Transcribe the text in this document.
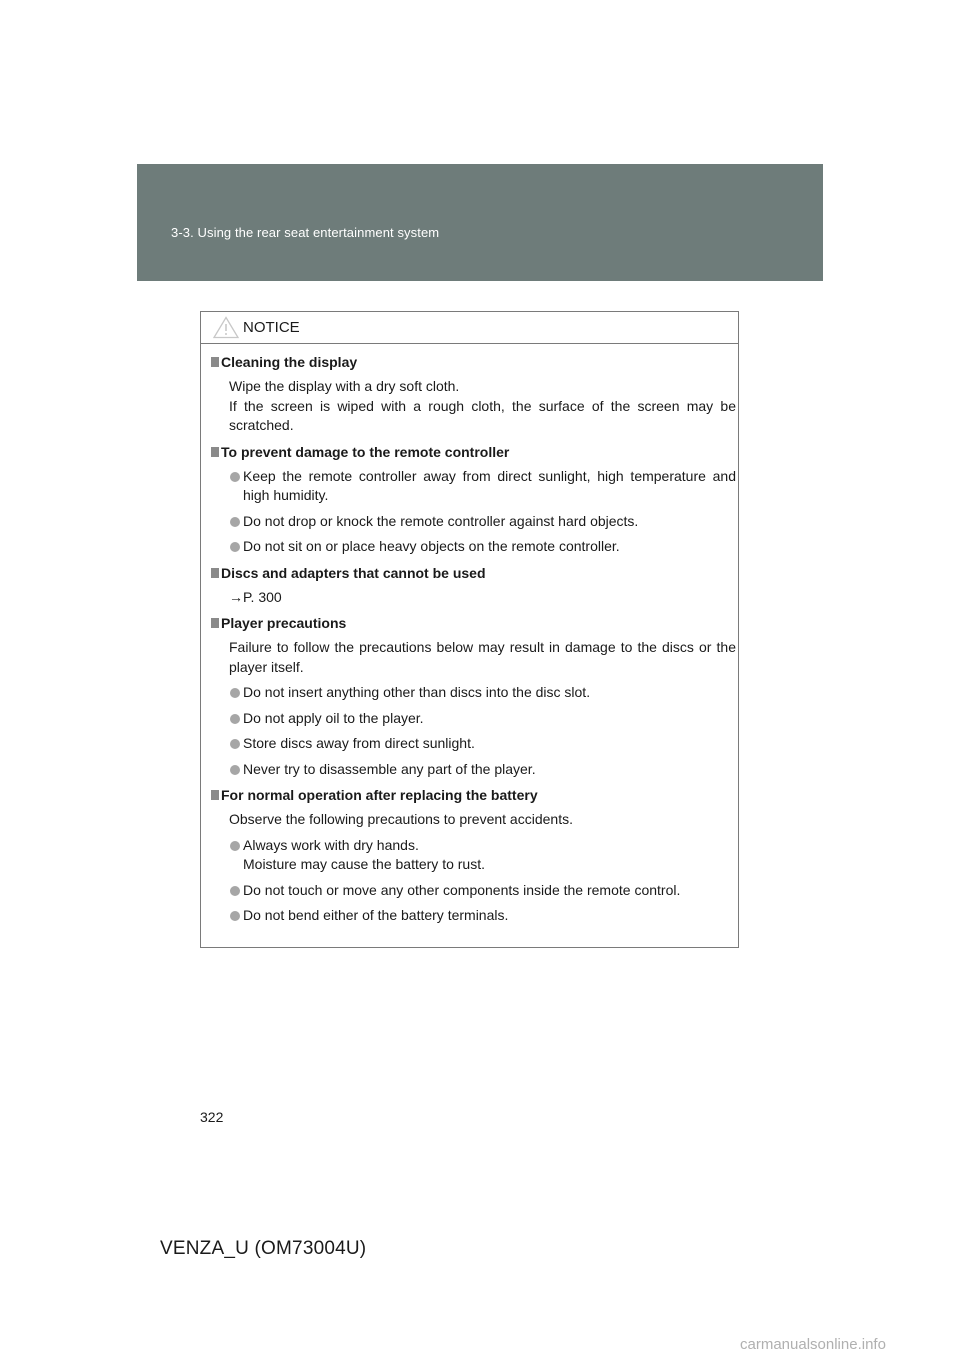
3-3. Using the rear seat entertainment system
NOTICE
Cleaning the display
Wipe the display with a dry soft cloth.
If the screen is wiped with a rough cloth, the surface of the screen may be scratched.
To prevent damage to the remote controller
Keep the remote controller away from direct sunlight, high temperature and high humidity.
Do not drop or knock the remote controller against hard objects.
Do not sit on or place heavy objects on the remote controller.
Discs and adapters that cannot be used
→P. 300
Player precautions
Failure to follow the precautions below may result in damage to the discs or the player itself.
Do not insert anything other than discs into the disc slot.
Do not apply oil to the player.
Store discs away from direct sunlight.
Never try to disassemble any part of the player.
For normal operation after replacing the battery
Observe the following precautions to prevent accidents.
Always work with dry hands.
Moisture may cause the battery to rust.
Do not touch or move any other components inside the remote control.
Do not bend either of the battery terminals.
322
VENZA_U (OM73004U)
carmanualsonline.info
